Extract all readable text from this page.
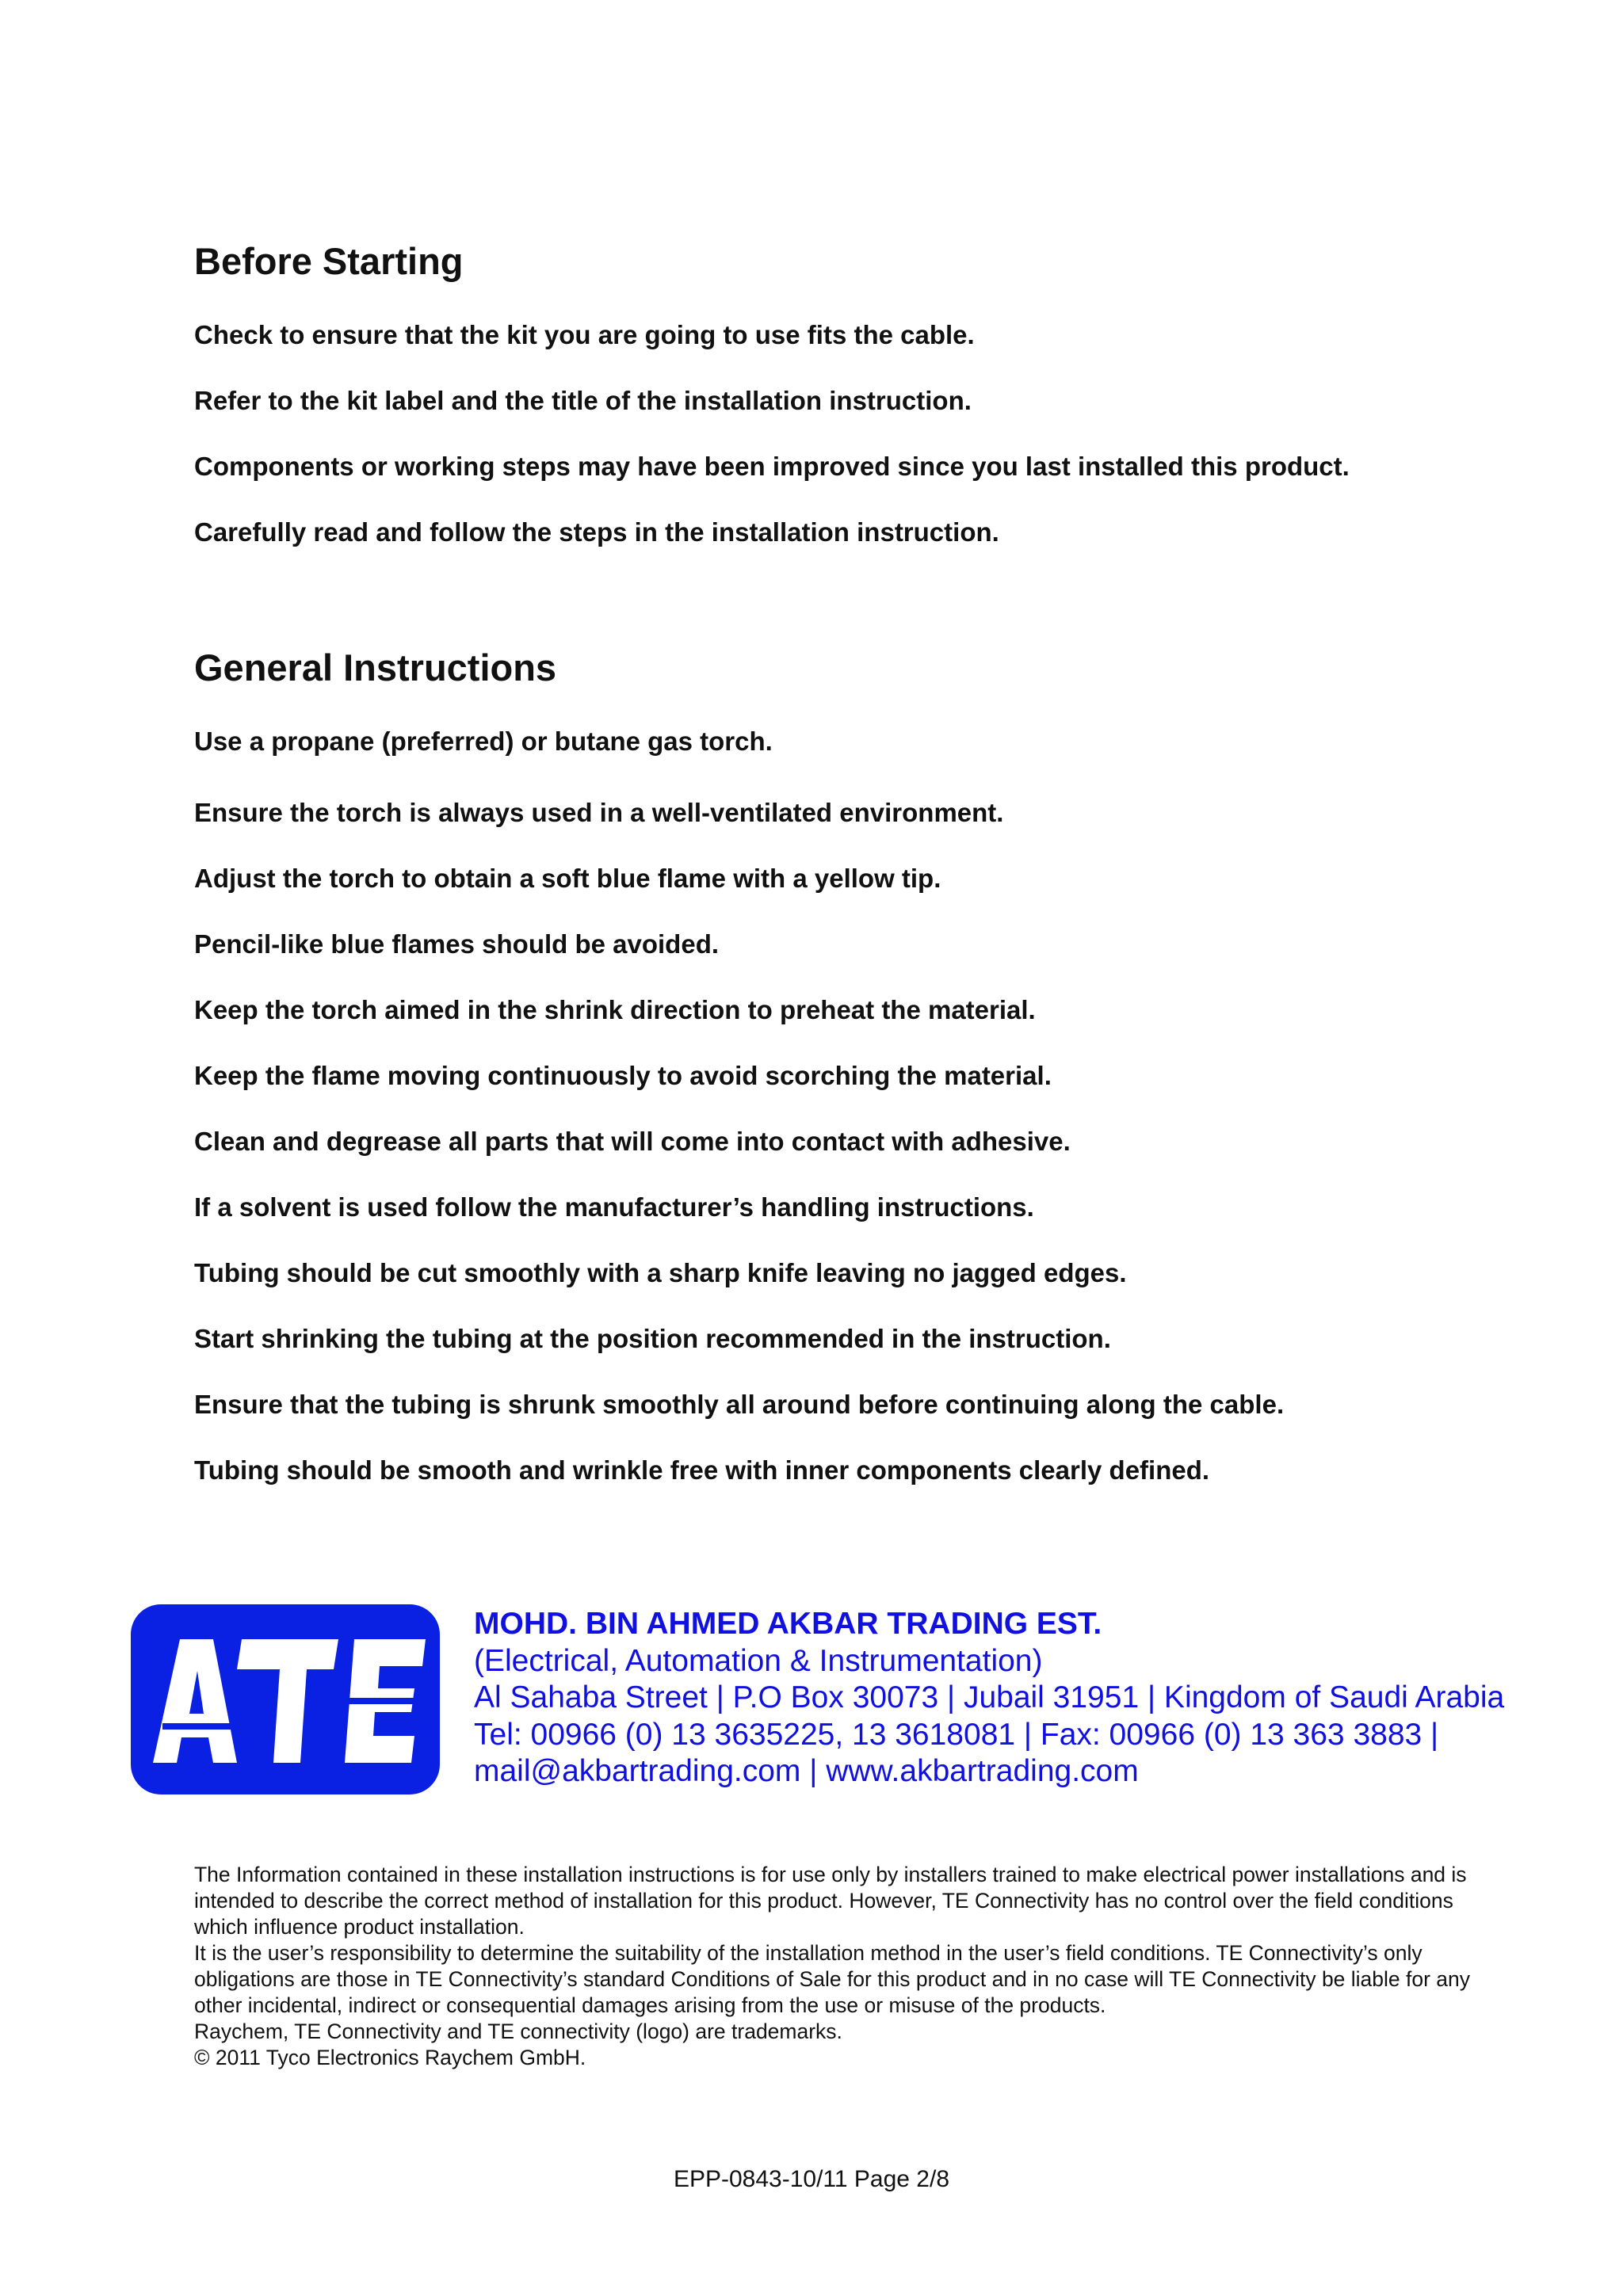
Before Starting

Check to ensure that the kit you are going to use fits the cable.

Refer to the kit label and the title of the installation instruction.

Components or working steps may have been improved since you last installed this product.

Carefully read and follow the steps in the installation instruction.

General Instructions

Use a propane (preferred) or butane gas torch.

Ensure the torch is always used in a well-ventilated environment.

Adjust the torch to obtain a soft blue flame with a yellow tip.

Pencil-like blue flames should be avoided.

Keep the torch aimed in the shrink direction to preheat the material.

Keep the flame moving continuously to avoid scorching the material.

Clean and degrease all parts that will come into contact with adhesive.

If a solvent is used follow the manufacturer’s handling instructions.

Tubing should be cut smoothly with a sharp knife leaving no jagged edges.

Start shrinking the tubing at the position recommended in the instruction.

Ensure that the tubing is shrunk smoothly all around before continuing along the cable.

Tubing should be smooth and wrinkle free with inner components clearly defined.

MOHD. BIN AHMED AKBAR TRADING EST.
(Electrical, Automation & Instrumentation)
Al Sahaba Street | P.O Box 30073 | Jubail 31951 | Kingdom of Saudi Arabia
Tel: 00966 (0) 13 3635225, 13 3618081 | Fax: 00966 (0) 13 363 3883 |
mail@akbartrading.com | www.akbartrading.com

The Information contained in these installation instructions is for use only by installers trained to make electrical power installations and is intended to describe the correct method of installation for this product. However, TE Connectivity has no control over the field conditions which influence product installation.

It is the user’s responsibility to determine the suitability of the installation method in the user’s field conditions. TE Connectivity’s only obligations are those in TE Connectivity’s standard Conditions of Sale for this product and in no case will TE Connectivity be liable for any other incidental, indirect or consequential damages arising from the use or misuse of the products.

Raychem, TE Connectivity and TE connectivity (logo) are trademarks.

© 2011 Tyco Electronics Raychem GmbH.

EPP-0843-10/11 Page 2/8
